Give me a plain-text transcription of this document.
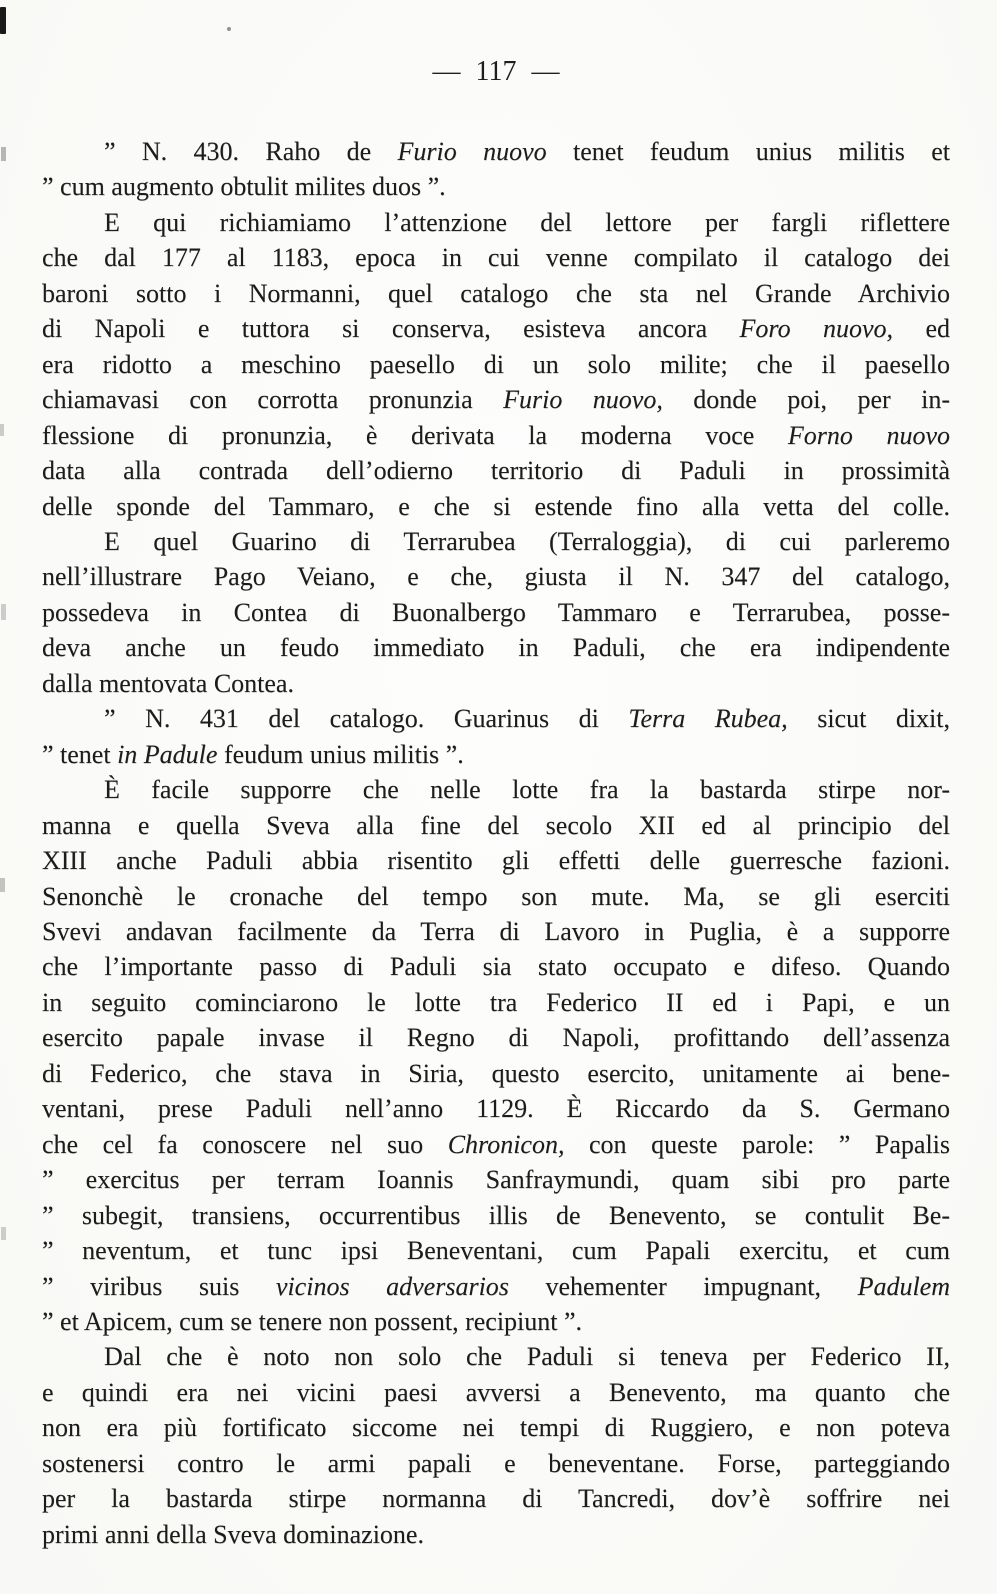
— 117 —
” N. 430. Raho de Furio nuovo tenet feudum unius militis et
” cum augmento obtulit milites duos ”.
E qui richiamiamo l’attenzione del lettore per fargli riflettere
che dal 177 al 1183, epoca in cui venne compilato il catalogo dei
baroni sotto i Normanni, quel catalogo che sta nel Grande Archivio
di Napoli e tuttora si conserva, esisteva ancora Foro nuovo, ed
era ridotto a meschino paesello di un solo milite; che il paesello
chiamavasi con corrotta pronunzia Furio nuovo, donde poi, per in-
flessione di pronunzia, è derivata la moderna voce Forno nuovo
data alla contrada dell’odierno territorio di Paduli in prossimità
delle sponde del Tammaro, e che si estende fino alla vetta del colle.
E quel Guarino di Terrarubea (Terraloggia), di cui parleremo
nell’illustrare Pago Veiano, e che, giusta il N. 347 del catalogo,
possedeva in Contea di Buonalbergo Tammaro e Terrarubea, posse-
deva anche un feudo immediato in Paduli, che era indipendente
dalla mentovata Contea.
” N. 431 del catalogo. Guarinus di Terra Rubea, sicut dixit,
” tenet in Padule feudum unius militis ”.
È facile supporre che nelle lotte fra la bastarda stirpe nor-
manna e quella Sveva alla fine del secolo XII ed al principio del
XIII anche Paduli abbia risentito gli effetti delle guerresche fazioni.
Senonchè le cronache del tempo son mute. Ma, se gli eserciti
Svevi andavan facilmente da Terra di Lavoro in Puglia, è a supporre
che l’importante passo di Paduli sia stato occupato e difeso. Quando
in seguito cominciarono le lotte tra Federico II ed i Papi, e un
esercito papale invase il Regno di Napoli, profittando dell’assenza
di Federico, che stava in Siria, questo esercito, unitamente ai bene-
ventani, prese Paduli nell’anno 1129. È Riccardo da S. Germano
che cel fa conoscere nel suo Chronicon, con queste parole: ” Papalis
” exercitus per terram Ioannis Sanfraymundi, quam sibi pro parte
” subegit, transiens, occurrentibus illis de Benevento, se contulit Be-
” neventum, et tunc ipsi Beneventani, cum Papali exercitu, et cum
” viribus suis vicinos adversarios vehementer impugnant, Padulem
” et Apicem, cum se tenere non possent, recipiunt ”.
Dal che è noto non solo che Paduli si teneva per Federico II,
e quindi era nei vicini paesi avversi a Benevento, ma quanto che
non era più fortificato siccome nei tempi di Ruggiero, e non poteva
sostenersi contro le armi papali e beneventane. Forse, parteggiando
per la bastarda stirpe normanna di Tancredi, dov’è soffrire nei
primi anni della Sveva dominazione.
